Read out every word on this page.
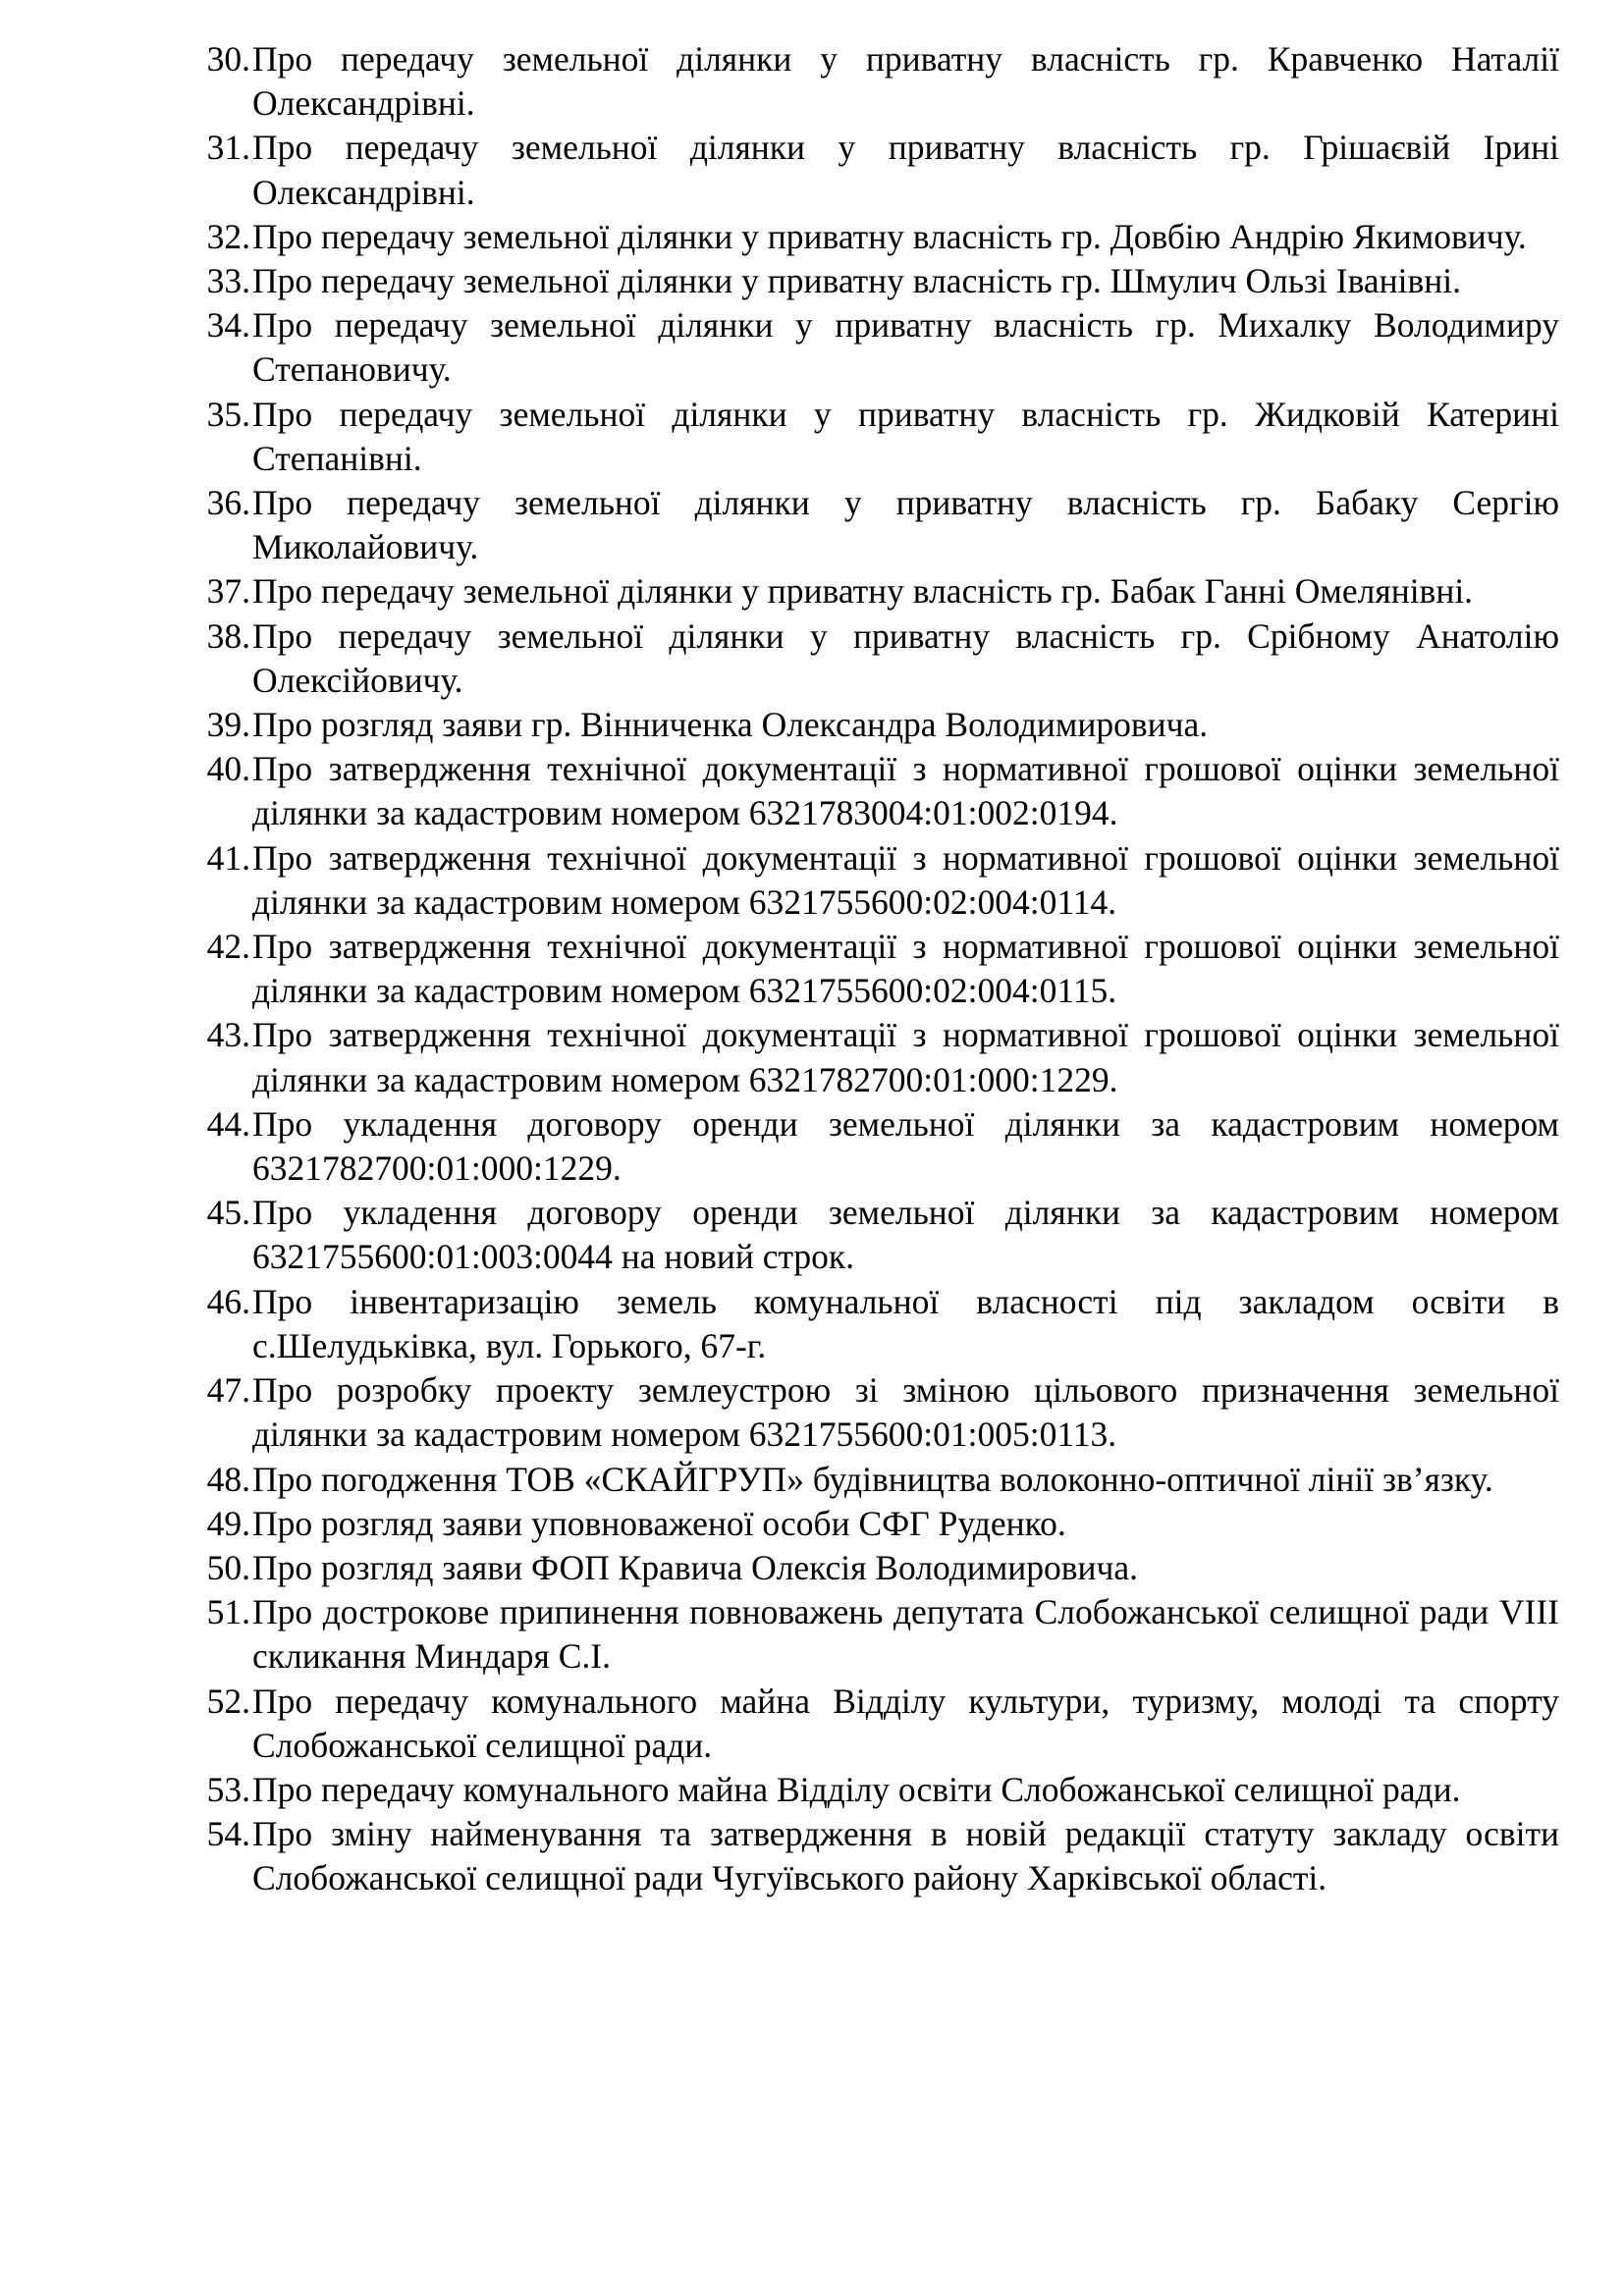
30. Про передачу земельної ділянки у приватну власність гр. Кравченко Наталії Олександрівні.
31. Про передачу земельної ділянки у приватну власність гр. Грішаєвій Ірині Олександрівні.
32. Про передачу земельної ділянки у приватну власність гр. Довбію Андрію Якимовичу.
33. Про передачу земельної ділянки у приватну власність гр. Шмулич Ользі Іванівні.
34. Про передачу земельної ділянки у приватну власність гр. Михалку Володимиру Степановичу.
35. Про передачу земельної ділянки у приватну власність гр. Жидковій Катерині Степанівні.
36. Про передачу земельної ділянки у приватну власність гр. Бабаку Сергію Миколайовичу.
37. Про передачу земельної ділянки у приватну власність гр. Бабак Ганні Омелянівні.
38. Про передачу земельної ділянки у приватну власність гр. Срібному Анатолію Олексійовичу.
39. Про розгляд заяви гр. Вінниченка Олександра Володимировича.
40. Про затвердження технічної документації з нормативної грошової оцінки земельної ділянки за кадастровим номером 6321783004:01:002:0194.
41. Про затвердження технічної документації з нормативної грошової оцінки земельної ділянки за кадастровим номером 6321755600:02:004:0114.
42. Про затвердження технічної документації з нормативної грошової оцінки земельної ділянки за кадастровим номером 6321755600:02:004:0115.
43. Про затвердження технічної документації з нормативної грошової оцінки земельної ділянки за кадастровим номером 6321782700:01:000:1229.
44. Про укладення договору оренди земельної ділянки за кадастровим номером 6321782700:01:000:1229.
45. Про укладення договору оренди земельної ділянки за кадастровим номером 6321755600:01:003:0044 на новий строк.
46. Про інвентаризацію земель комунальної власності під закладом освіти в с.Шелудьківка, вул. Горького, 67-г.
47. Про розробку проекту землеустрою зі зміною цільового призначення земельної ділянки за кадастровим номером 6321755600:01:005:0113.
48. Про погодження ТОВ «СКАЙГРУП» будівництва волоконно-оптичної лінії зв’язку.
49. Про розгляд заяви уповноваженої особи СФГ Руденко.
50. Про розгляд заяви ФОП Кравича Олексія Володимировича.
51. Про дострокове припинення повноважень депутата Слобожанської селищної ради VIII скликання Миндаря С.І.
52. Про передачу комунального майна Відділу культури, туризму, молоді та спорту Слобожанської селищної ради.
53. Про передачу комунального майна Відділу освіти Слобожанської селищної ради.
54. Про зміну найменування та затвердження в новій редакції статуту закладу освіти Слобожанської селищної ради Чугуївського району Харківської області.
